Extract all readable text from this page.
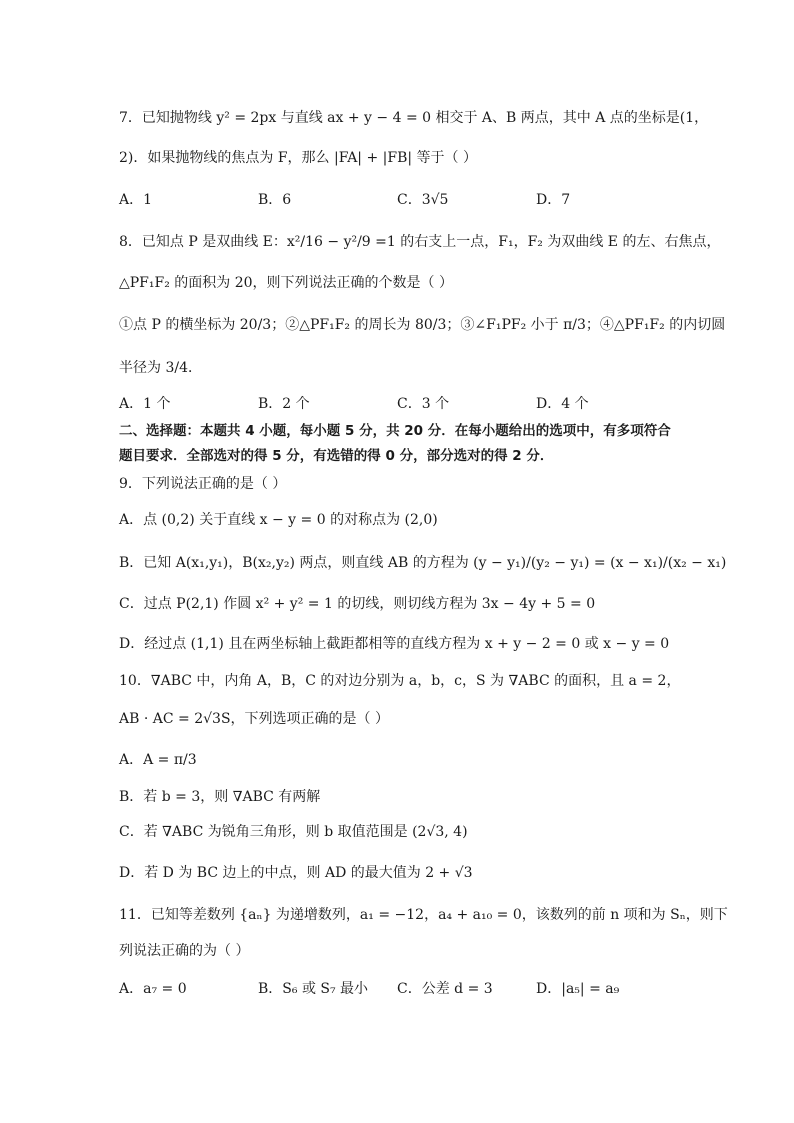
7．已知抛物线 y² = 2px 与直线 ax + y − 4 = 0 相交于 A、B 两点，其中 A 点的坐标是(1，
2)．如果抛物线的焦点为 F，那么 |FA| + |FB| 等于（ ）
A．1	B．6	C．3√5	D．7
8．已知点 P 是双曲线 E：x²/16 − y²/9 =1 的右支上一点，F₁，F₂ 为双曲线 E 的左、右焦点，
△PF₁F₂ 的面积为 20，则下列说法正确的个数是（ ）
①点 P 的横坐标为 20/3；②△PF₁F₂ 的周长为 80/3；③∠F₁PF₂ 小于 π/3；④△PF₁F₂ 的内切圆
半径为 3/4．
A．1 个	B．2 个	C．3 个	D．4 个
二、选择题：本题共 4 小题，每小题 5 分，共 20 分．在每小题给出的选项中，有多项符合
题目要求．全部选对的得 5 分，有选错的得 0 分，部分选对的得 2 分．
9．下列说法正确的是（ ）
A．点 (0,2) 关于直线 x − y = 0 的对称点为 (2,0)
B．已知 A(x₁,y₁)，B(x₂,y₂) 两点，则直线 AB 的方程为 (y − y₁)/(y₂ − y₁) = (x − x₁)/(x₂ − x₁)
C．过点 P(2,1) 作圆 x² + y² = 1 的切线，则切线方程为 3x − 4y + 5 = 0
D．经过点 (1,1) 且在两坐标轴上截距都相等的直线方程为 x + y − 2 = 0 或 x − y = 0
10．∇ABC 中，内角 A，B，C 的对边分别为 a，b，c，S 为 ∇ABC 的面积，且 a = 2，
AB · AC = 2√3S，下列选项正确的是（ ）
A．A = π/3
B．若 b = 3，则 ∇ABC 有两解
C．若 ∇ABC 为锐角三角形，则 b 取值范围是 (2√3, 4)
D．若 D 为 BC 边上的中点，则 AD 的最大值为 2 + √3
11．已知等差数列 {aₙ} 为递增数列，a₁ = −12，a₄ + a₁₀ = 0，该数列的前 n 项和为 Sₙ，则下
列说法正确的为（ ）
A．a₇ = 0	B．S₆ 或 S₇ 最小 C．公差 d = 3	D．|a₅| = a₉
